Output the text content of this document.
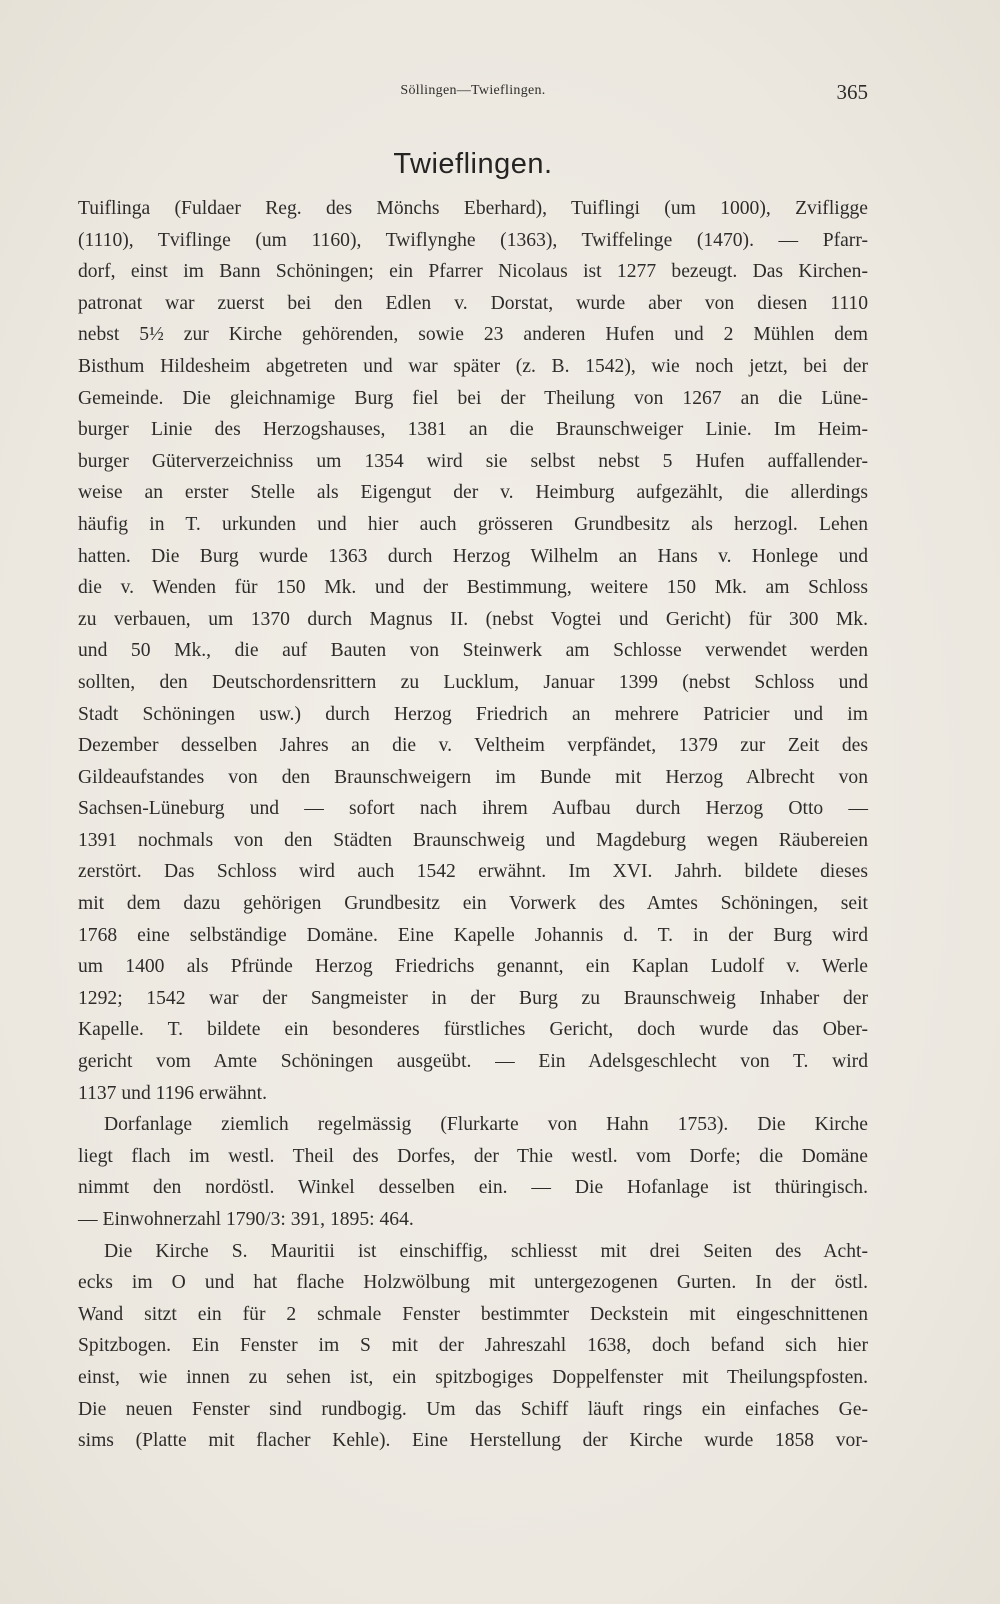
Söllingen—Twieflingen.	365
Twieflingen.
Tuiflinga (Fuldaer Reg. des Mönchs Eberhard), Tuiflingi (um 1000), Zvifligge
(1110), Tviflinge (um 1160), Twiflynghe (1363), Twiffelinge (1470). — Pfarr-
dorf, einst im Bann Schöningen; ein Pfarrer Nicolaus ist 1277 bezeugt. Das Kirchen-
patronat war zuerst bei den Edlen v. Dorstat, wurde aber von diesen 1110
nebst 5½ zur Kirche gehörenden, sowie 23 anderen Hufen und 2 Mühlen dem
Bisthum Hildesheim abgetreten und war später (z. B. 1542), wie noch jetzt, bei der
Gemeinde. Die gleichnamige Burg fiel bei der Theilung von 1267 an die Lüne-
burger Linie des Herzogshauses, 1381 an die Braunschweiger Linie. Im Heim-
burger Güterverzeichniss um 1354 wird sie selbst nebst 5 Hufen auffallender-
weise an erster Stelle als Eigengut der v. Heimburg aufgezählt, die allerdings
häufig in T. urkunden und hier auch grösseren Grundbesitz als herzogl. Lehen
hatten. Die Burg wurde 1363 durch Herzog Wilhelm an Hans v. Honlege und
die v. Wenden für 150 Mk. und der Bestimmung, weitere 150 Mk. am Schloss
zu verbauen, um 1370 durch Magnus II. (nebst Vogtei und Gericht) für 300 Mk.
und 50 Mk., die auf Bauten von Steinwerk am Schlosse verwendet werden
sollten, den Deutschordensrittern zu Lucklum, Januar 1399 (nebst Schloss und
Stadt Schöningen usw.) durch Herzog Friedrich an mehrere Patricier und im
Dezember desselben Jahres an die v. Veltheim verpfändet, 1379 zur Zeit des
Gildeaufstandes von den Braunschweigern im Bunde mit Herzog Albrecht von
Sachsen-Lüneburg und — sofort nach ihrem Aufbau durch Herzog Otto —
1391 nochmals von den Städten Braunschweig und Magdeburg wegen Räubereien
zerstört. Das Schloss wird auch 1542 erwähnt. Im XVI. Jahrh. bildete dieses
mit dem dazu gehörigen Grundbesitz ein Vorwerk des Amtes Schöningen, seit
1768 eine selbständige Domäne. Eine Kapelle Johannis d. T. in der Burg wird
um 1400 als Pfründe Herzog Friedrichs genannt, ein Kaplan Ludolf v. Werle
1292; 1542 war der Sangmeister in der Burg zu Braunschweig Inhaber der
Kapelle. T. bildete ein besonderes fürstliches Gericht, doch wurde das Ober-
gericht vom Amte Schöningen ausgeübt. — Ein Adelsgeschlecht von T. wird
1137 und 1196 erwähnt.
Dorfanlage ziemlich regelmässig (Flurkarte von Hahn 1753). Die Kirche
liegt flach im westl. Theil des Dorfes, der Thie westl. vom Dorfe; die Domäne
nimmt den nordöstl. Winkel desselben ein. — Die Hofanlage ist thüringisch.
— Einwohnerzahl 1790/3: 391, 1895: 464.
Die Kirche S. Mauritii ist einschiffig, schliesst mit drei Seiten des Acht-
ecks im O und hat flache Holzwölbung mit untergezogenen Gurten. In der östl.
Wand sitzt ein für 2 schmale Fenster bestimmter Deckstein mit eingeschnittenen
Spitzbogen. Ein Fenster im S mit der Jahreszahl 1638, doch befand sich hier
einst, wie innen zu sehen ist, ein spitzbogiges Doppelfenster mit Theilungspfosten.
Die neuen Fenster sind rundbogig. Um das Schiff läuft rings ein einfaches Ge-
sims (Platte mit flacher Kehle). Eine Herstellung der Kirche wurde 1858 vor-
